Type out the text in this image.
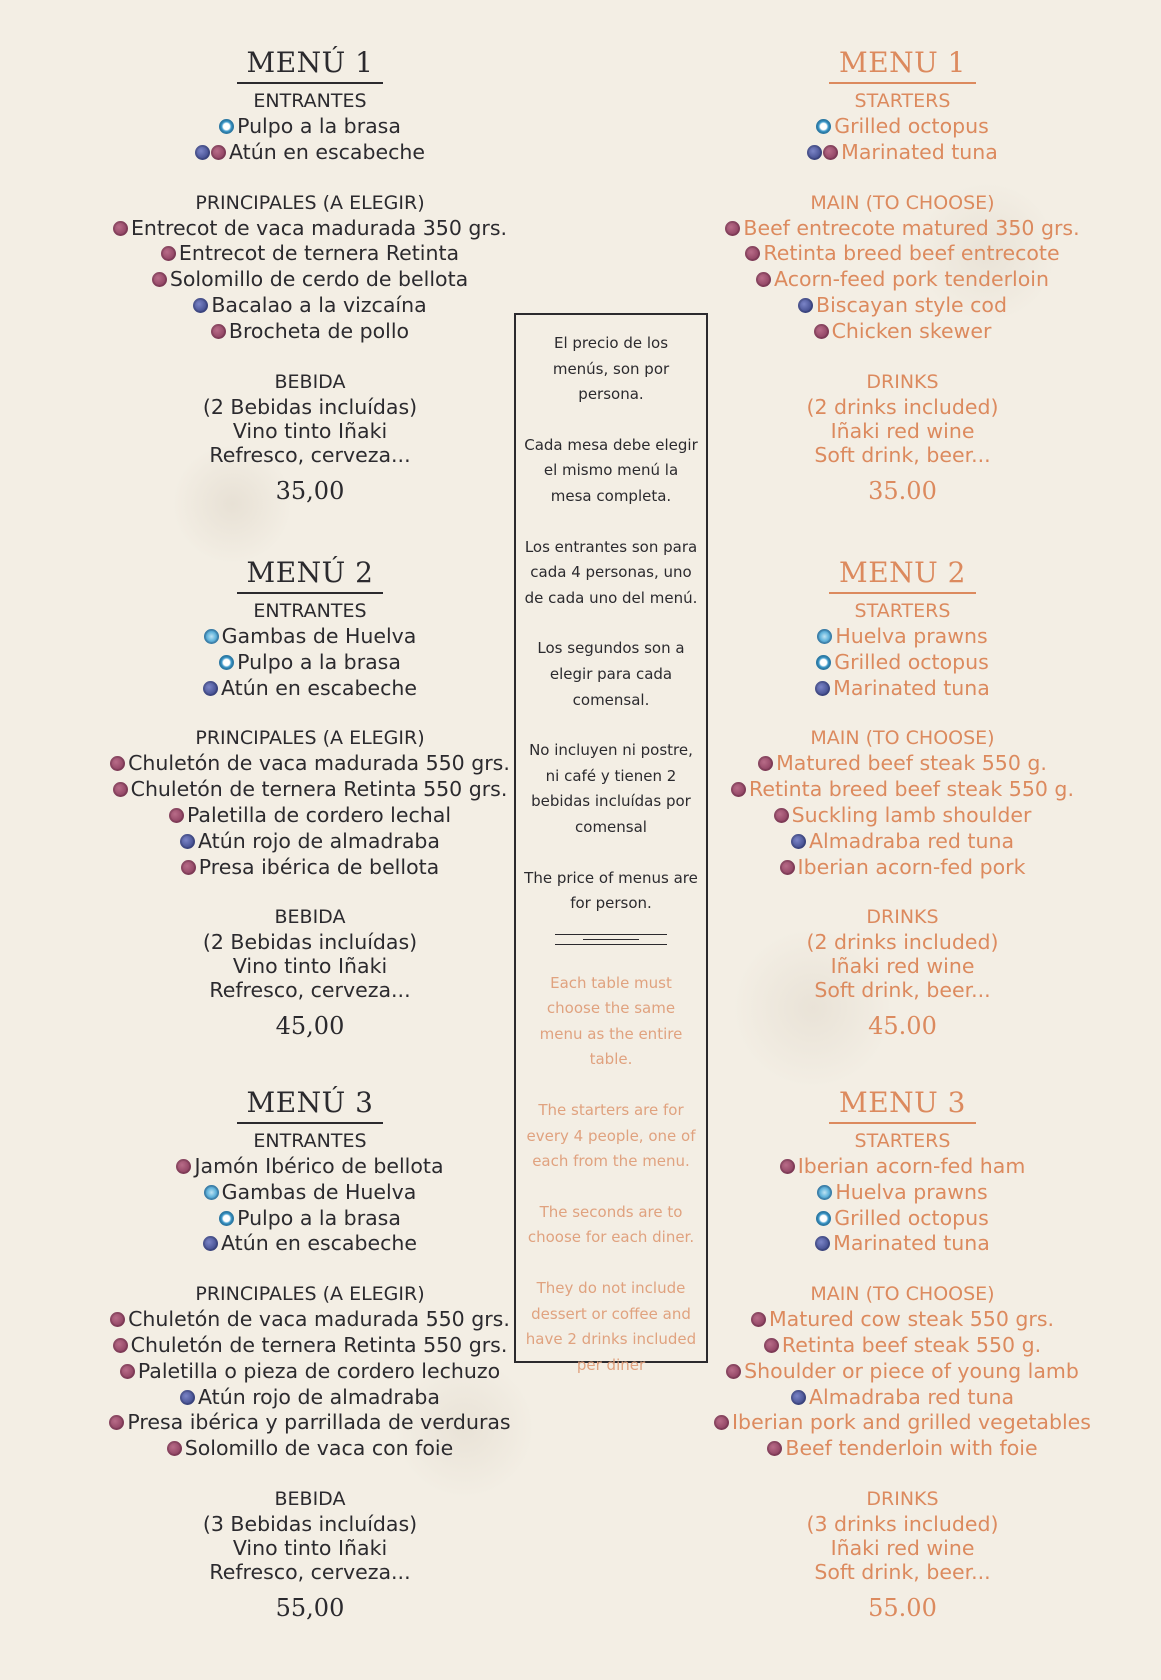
MENÚ 1
ENTRANTES
Pulpo a la brasa
Atún en escabeche
PRINCIPALES (A ELEGIR)
Entrecot de vaca madurada 350 grs.
Entrecot de ternera Retinta
Solomillo de cerdo de bellota
Bacalao a la vizcaína
Brocheta de pollo
BEBIDA
(2 Bebidas incluídas)
Vino tinto Iñaki
Refresco, cerveza...
35,00
MENÚ 2
ENTRANTES
Gambas de Huelva
Pulpo a la brasa
Atún en escabeche
PRINCIPALES (A ELEGIR)
Chuletón de vaca madurada 550 grs.
Chuletón de ternera Retinta 550 grs.
Paletilla de cordero lechal
Atún rojo de almadraba
Presa ibérica de bellota
BEBIDA
(2 Bebidas incluídas)
Vino tinto Iñaki
Refresco, cerveza...
45,00
MENÚ 3
ENTRANTES
Jamón Ibérico de bellota
Gambas de Huelva
Pulpo a la brasa
Atún en escabeche
PRINCIPALES (A ELEGIR)
Chuletón de vaca madurada 550 grs.
Chuletón de ternera Retinta 550 grs.
Paletilla o pieza de cordero lechuzo
Atún rojo de almadraba
Presa ibérica y parrillada de verduras
Solomillo de vaca con foie
BEBIDA
(3 Bebidas incluídas)
Vino tinto Iñaki
Refresco, cerveza...
55,00
MENU 1
STARTERS
Grilled octopus
Marinated tuna
MAIN (TO CHOOSE)
Beef entrecote matured 350 grs.
Retinta breed beef entrecote
Acorn-feed pork tenderloin
Biscayan style cod
Chicken skewer
DRINKS
(2 drinks included)
Iñaki red wine
Soft drink, beer...
35.00
MENU 2
STARTERS
Huelva prawns
Grilled octopus
Marinated tuna
MAIN (TO CHOOSE)
Matured beef steak 550 g.
Retinta breed beef steak 550 g.
Suckling lamb shoulder
Almadraba red tuna
Iberian acorn-fed pork
DRINKS
(2 drinks included)
Iñaki red wine
Soft drink, beer...
45.00
MENU 3
STARTERS
Iberian acorn-fed ham
Huelva prawns
Grilled octopus
Marinated tuna
MAIN (TO CHOOSE)
Matured cow steak 550 grs.
Retinta beef steak 550 g.
Shoulder or piece of young lamb
Almadraba red tuna
Iberian pork and grilled vegetables
Beef tenderloin with foie
DRINKS
(3 drinks included)
Iñaki red wine
Soft drink, beer...
55.00
El precio de los menús, son por persona.
Cada mesa debe elegir el mismo menú la mesa completa.
Los entrantes son para cada 4 personas, uno de cada uno del menú.
Los segundos son a elegir para cada comensal.
No incluyen ni postre, ni café y tienen 2 bebidas incluídas por comensal
The price of menus are for person.
Each table must choose the same menu as the entire table.
The starters are for every 4 people, one of each from the menu.
The seconds are to choose for each diner.
They do not include dessert or coffee and have 2 drinks included per diner
